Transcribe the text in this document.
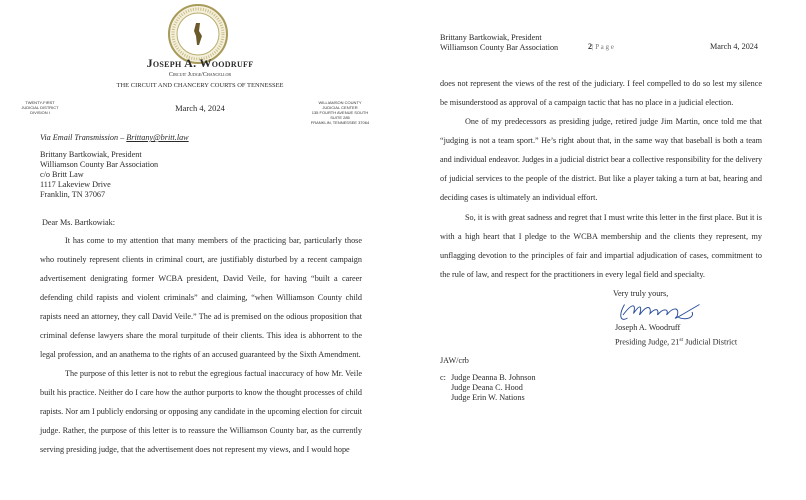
Joseph A. Woodruff
Circuit Judge/Chancellor
THE CIRCUIT AND CHANCERY COURTS OF TENNESSEE
TWENTY-FIRST
JUDICIAL DISTRICT
DIVISION I	March 4, 2024
WILLIAMSON COUNTY
JUDICIAL CENTER
135 FOURTH AVENUE SOUTH
SUITE 285
FRANKLIN, TENNESSEE 37064
Via Email Transmission – Brittany@britt.law
Brittany Bartkowiak, President
Williamson County Bar Association
c/o Britt Law
1117 Lakeview Drive
Franklin, TN 37067
Dear Ms. Bartkowiak:
It has come to my attention that many members of the practicing bar, particularly those
who routinely represent clients in criminal court, are justifiably disturbed by a recent campaign
advertisement denigrating former WCBA president, David Veile, for having “built a career
defending child rapists and violent criminals” and claiming, “when Williamson County child
rapists need an attorney, they call David Veile.” The ad is premised on the odious proposition that
criminal defense lawyers share the moral turpitude of their clients. This idea is abhorrent to the
legal profession, and an anathema to the rights of an accused guaranteed by the Sixth Amendment.
The purpose of this letter is not to rebut the egregious factual inaccuracy of how Mr. Veile
built his practice. Neither do I care how the author purports to know the thought processes of child
rapists. Nor am I publicly endorsing or opposing any candidate in the upcoming election for circuit
judge. Rather, the purpose of this letter is to reassure the Williamson County bar, as the currently
serving presiding judge, that the advertisement does not represent my views, and I would hope
Brittany Bartkowiak, President
Williamson County Bar Association	2| P a g e	March 4, 2024
does not represent the views of the rest of the judiciary. I feel compelled to do so lest my silence
be misunderstood as approval of a campaign tactic that has no place in a judicial election.
One of my predecessors as presiding judge, retired judge Jim Martin, once told me that
“judging is not a team sport.” He’s right about that, in the same way that baseball is both a team
and individual endeavor. Judges in a judicial district bear a collective responsibility for the delivery
of judicial services to the people of the district. But like a player taking a turn at bat, hearing and
deciding cases is ultimately an individual effort.
So, it is with great sadness and regret that I must write this letter in the first place. But it is
with a high heart that I pledge to the WCBA membership and the clients they represent, my
unflagging devotion to the principles of fair and impartial adjudication of cases, commitment to
the rule of law, and respect for the practitioners in every legal field and specialty.
Very truly yours,
Joseph A. Woodruff
Presiding Judge, 21st Judicial District
JAW/crb
c: Judge Deanna B. Johnson
Judge Deana C. Hood
Judge Erin W. Nations
